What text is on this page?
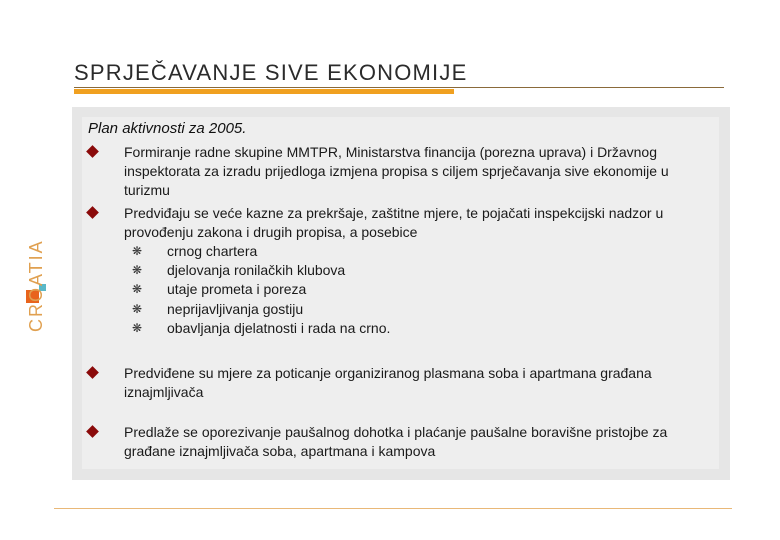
SPRJEČAVANJE SIVE EKONOMIJE
CROATIA

Plan aktivnosti za 2005.

Formiranje radne skupine MMTPR, Ministarstva financija (porezna uprava) i Državnog inspektorata za izradu prijedloga izmjena propisa s ciljem sprječavanja sive ekonomije u turizmu

Predviđaju se veće kazne za prekršaje, zaštitne mjere, te pojačati inspekcijski nadzor u provođenju zakona i drugih propisa, a posebice

❋ crnog chartera
❋ djelovanja ronilačkih klubova
❋ utaje prometa i poreza
❋ neprijavljivanja gostiju
❋ obavljanja djelatnosti i rada na crno.

Predviđene su mjere za poticanje organiziranog plasmana soba i apartmana građana iznajmljivača

Predlaže se oporezivanje paušalnog dohotka i plaćanje paušalne boravišne pristojbe za građane iznajmljivača soba, apartmana i kampova
